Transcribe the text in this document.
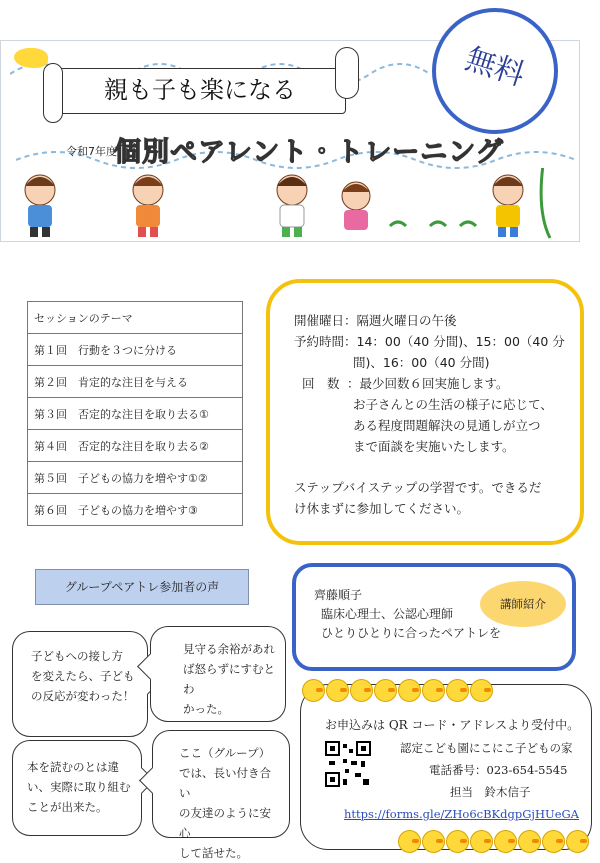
親も子も楽になる
令和7年度
個別ペアレント・トレーニング
無料
セッションのテーマ
第１回　行動を３つに分ける
第２回　肯定的な注目を与える
第３回　否定的な注目を取り去る①
第４回　否定的な注目を取り去る②
第５回　子どもの協力を増やす①②
第６回　子どもの協力を増やす③
開催曜日： 隔週火曜日の午後
予約時間： 14：00（40 分間)、15：00（40 分
間)、16：00（40 分間)
回　数 ： 最少回数６回実施します。
お子さんとの生活の様子に応じて、
ある程度問題解決の見通しが立つ
まで面談を実施いたします。
ステップバイステップの学習です。できるだ
け休まずに参加してください。
グループペアトレ参加者の声
子どもへの接し方
を変えたら、子ども
の反応が変わった！
見守る余裕があれ
ば怒らずにすむとわ
かった。
本を読むのとは違
い、実際に取り組む
ことが出来た。
ここ（グループ）
では、長い付き合い
の友達のように安心
して話せた。
齊藤順子
臨床心理士、公認心理師
ひとりひとりに合ったペアトレを
講師紹介
お申込みは QR コード・アドレスより受付中。
認定こども園にこにこ子どもの家
電話番号：023-654-5545
担当　鈴木信子
https://forms.gle/ZHo6cBKdgpGjHUeGA
